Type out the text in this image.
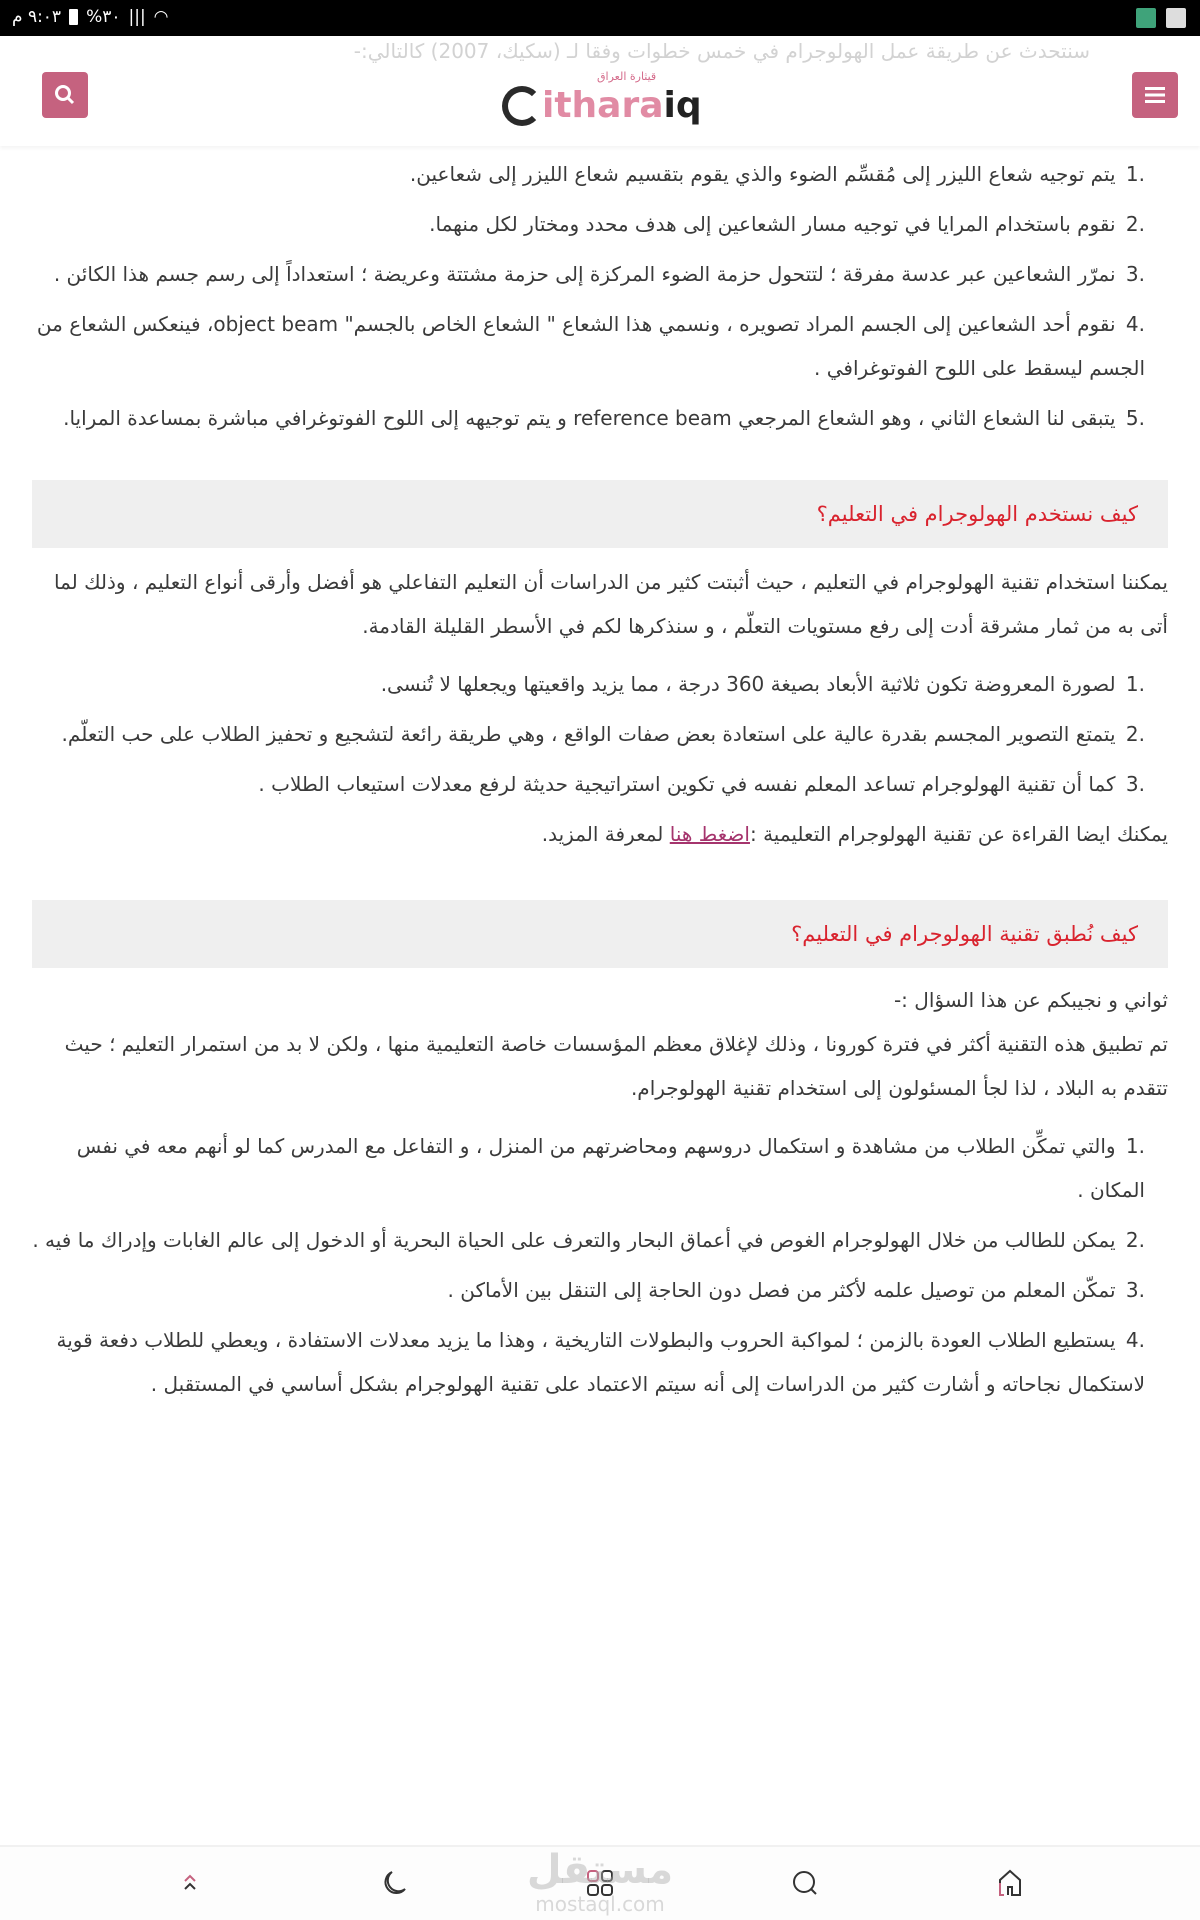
٩:٠٣ م %٣٠ ||| ◠
سنتحدث عن طريقة عمل الهولوجرام في خمس خطوات وفقا لـ (سكيك، 2007) كالتالي:-
قيثارة العراق
itharaiq
1. يتم توجيه شعاع الليزر إلى مُقسِّم الضوء والذي يقوم بتقسيم شعاع الليزر إلى شعاعين.
2. نقوم باستخدام المرايا في توجيه مسار الشعاعين إلى هدف محدد ومختار لكل منهما.
3. نمرّر الشعاعين عبر عدسة مفرقة ؛ لتتحول حزمة الضوء المركزة إلى حزمة مشتتة وعريضة ؛ استعداداً إلى رسم جسم هذا الكائن .
4. نقوم أحد الشعاعين إلى الجسم المراد تصويره ، ونسمي هذا الشعاع " الشعاع الخاص بالجسم" object beam، فينعكس الشعاع من الجسم ليسقط على اللوح الفوتوغرافي .
5. يتبقى لنا الشعاع الثاني ، وهو الشعاع المرجعي reference beam و يتم توجيهه إلى اللوح الفوتوغرافي مباشرة بمساعدة المرايا.
كيف نستخدم الهولوجرام في التعليم؟
يمكننا استخدام تقنية الهولوجرام في التعليم ، حيث أثبتت كثير من الدراسات أن التعليم التفاعلي هو أفضل وأرقى أنواع التعليم ، وذلك لما أتى به من ثمار مشرقة أدت إلى رفع مستويات التعلّم ، و سنذكرها لكم في الأسطر القليلة القادمة.
1. لصورة المعروضة تكون ثلاثية الأبعاد بصيغة 360 درجة ، مما يزيد واقعيتها ويجعلها لا تُنسى.
2. يتمتع التصوير المجسم بقدرة عالية على استعادة بعض صفات الواقع ، وهي طريقة رائعة لتشجيع و تحفيز الطلاب على حب التعلّم.
3. كما أن تقنية الهولوجرام تساعد المعلم نفسه في تكوين استراتيجية حديثة لرفع معدلات استيعاب الطلاب .
يمكنك ايضا القراءة عن تقنية الهولوجرام التعليمية :اضغط هنا لمعرفة المزيد.
كيف نُطبق تقنية الهولوجرام في التعليم؟
ثواني و نجيبكم عن هذا السؤال :-
تم تطبيق هذه التقنية أكثر في فترة كورونا ، وذلك لإغلاق معظم المؤسسات خاصة التعليمية منها ، ولكن لا بد من استمرار التعليم ؛ حيث تتقدم به البلاد ، لذا لجأ المسئولون إلى استخدام تقنية الهولوجرام.
1. والتي تمكِّن الطلاب من مشاهدة و استكمال دروسهم ومحاضرتهم من المنزل ، و التفاعل مع المدرس كما لو أنهم معه في نفس المكان .
2. يمكن للطالب من خلال الهولوجرام الغوص في أعماق البحار والتعرف على الحياة البحرية أو الدخول إلى عالم الغابات وإدراك ما فيه .
3. تمكّن المعلم من توصيل علمه لأكثر من فصل دون الحاجة إلى التنقل بين الأماكن .
4. يستطيع الطلاب العودة بالزمن ؛ لمواكبة الحروب والبطولات التاريخية ، وهذا ما يزيد معدلات الاستفادة ، ويعطي للطلاب دفعة قوية لاستكمال نجاحاته و أشارت كثير من الدراسات إلى أنه سيتم الاعتماد على تقنية الهولوجرام بشكل أساسي في المستقبل .
مستقل
mostaql.com
